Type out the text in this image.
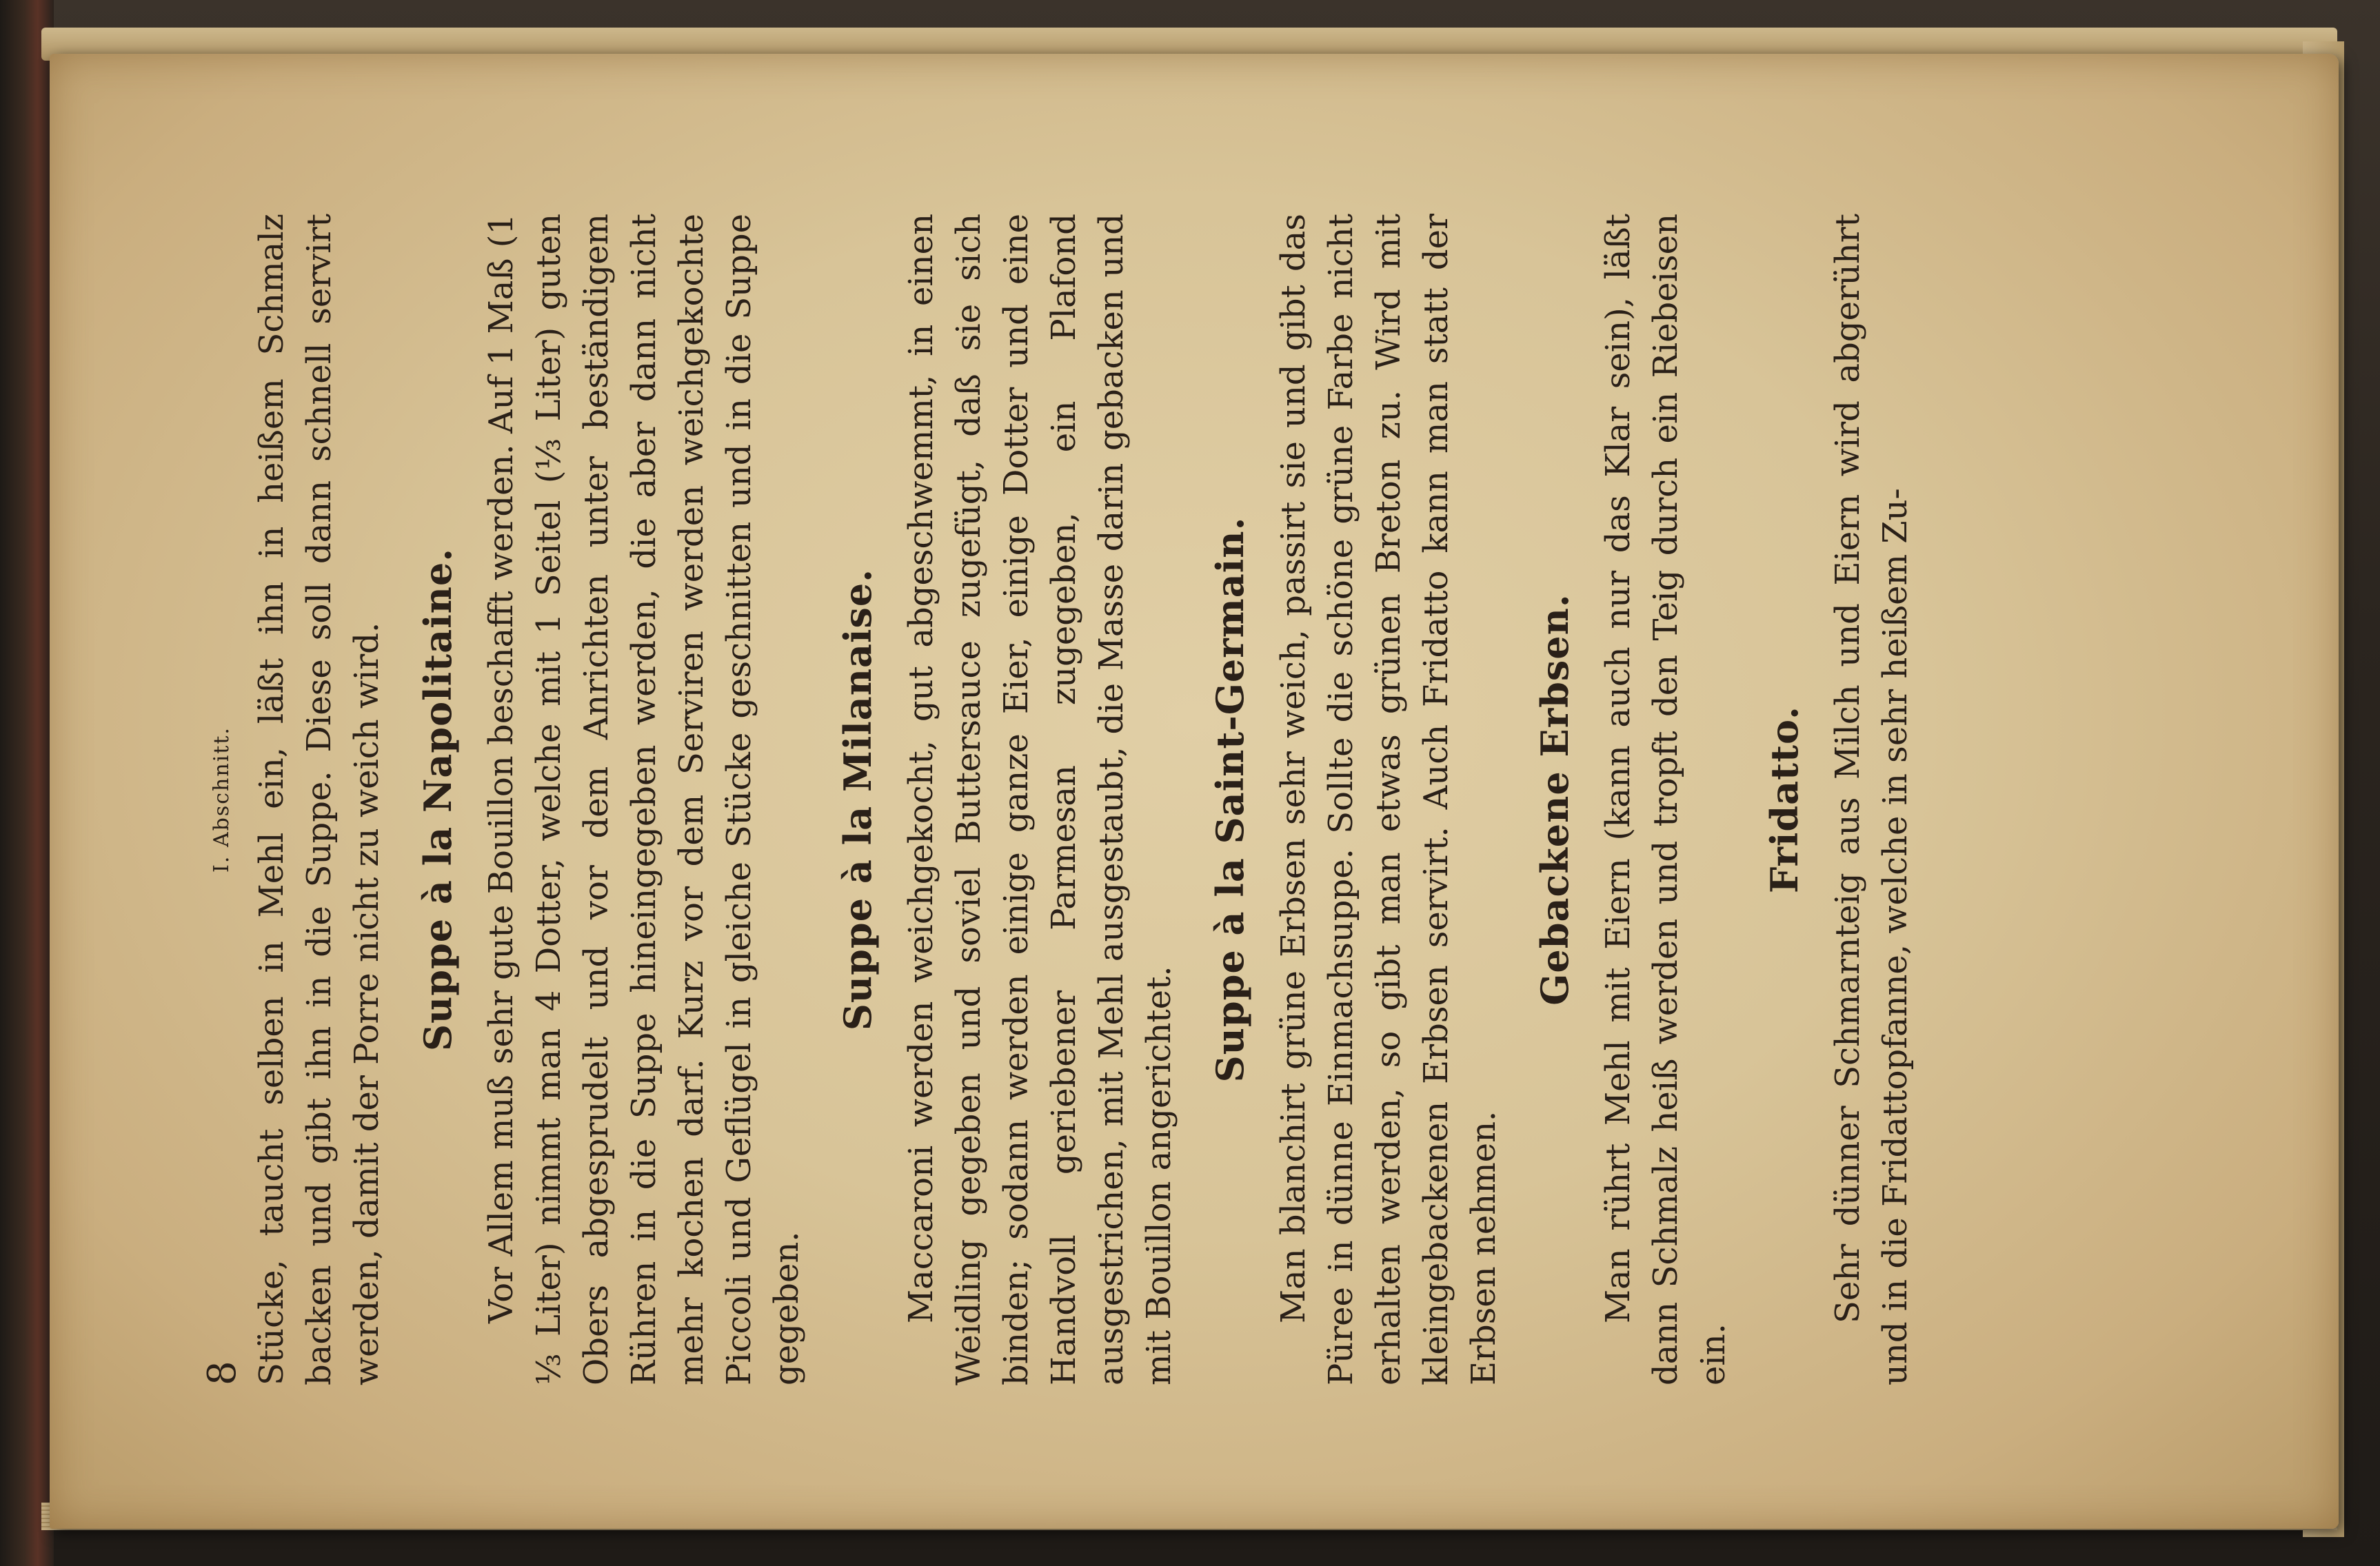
8
I. Abschnitt. Stücke, taucht selben in Mehl ein, läßt ihn in heißem Schmalz backen und gibt ihn in die Suppe. Diese soll dann schnell servirt werden, damit der Porre nicht zu weich wird. Suppe à la Napolitaine. Vor Allem muß sehr gute Bouillon beschafft werden. Auf 1 Maß (1 ⅓ Liter) nimmt man 4 Dotter, welche mit 1 Seitel (⅓ Liter) guten Obers abgesprudelt und vor dem Anrichten unter beständigem Rühren in die Suppe hineingegeben werden, die aber dann nicht mehr kochen darf. Kurz vor dem Serviren werden weichgekochte Piccoli und Geflügel in gleiche Stücke geschnitten und in die Suppe gegeben.

Suppe à la Milanaise. Maccaroni werden weichgekocht, gut abgeschwemmt, in einen Weidling gegeben und soviel Buttersauce zugefügt, daß sie sich binden; sodann werden einige ganze Eier, einige Dotter und eine Handvoll geriebener Parmesan zugegeben, ein Plafond ausgestrichen, mit Mehl ausgestaubt, die Masse darin gebacken und mit Bouillon angerichtet.

Suppe à la Saint-Germain. Man blanchirt grüne Erbsen sehr weich, passirt sie und gibt das Püree in dünne Einmachsuppe. Sollte die schöne grüne Farbe nicht erhalten werden, so gibt man etwas grünen Breton zu. Wird mit kleingebackenen Erbsen servirt. Auch Fridatto kann man statt der Erbsen nehmen.

Gebackene Erbsen. Man rührt Mehl mit Eiern (kann auch nur das Klar sein), läßt dann Schmalz heiß werden und tropft den Teig durch ein Riebeisen ein.

Fridatto. Sehr dünner Schmarnteig aus Milch und Eiern wird abgerührt und in die Fridattopfanne, welche in sehr heißem Zu-
